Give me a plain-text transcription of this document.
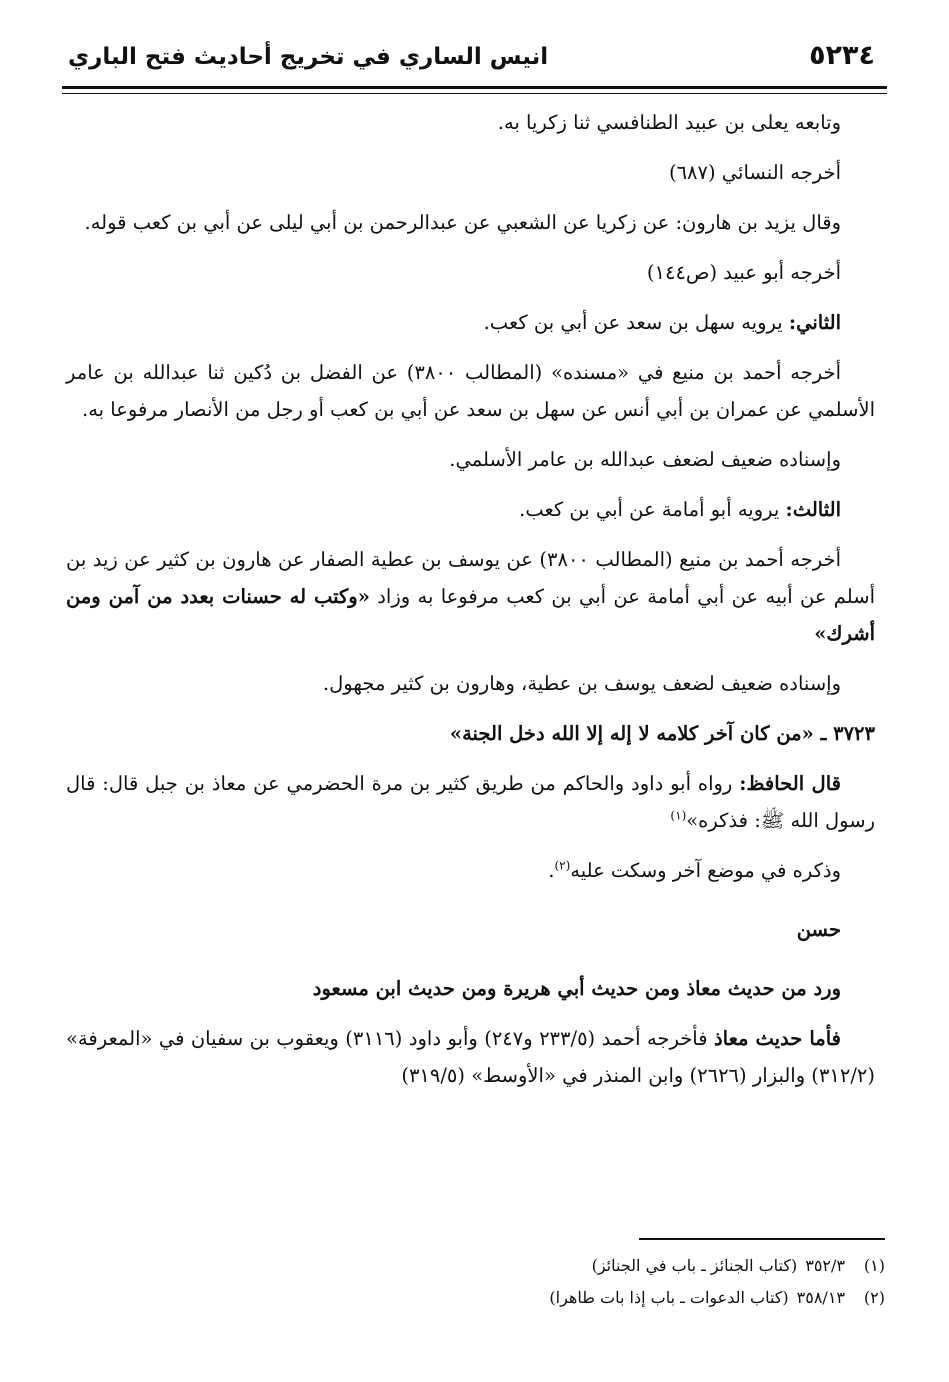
٥٢٣٤
انيس الساري في تخريج أحاديث فتح الباري

وتابعه يعلى بن عبيد الطنافسي ثنا زكريا به.

أخرجه النسائي (٦٨٧)

وقال يزيد بن هارون: عن زكريا عن الشعبي عن عبدالرحمن بن أبي ليلى عن أبي بن كعب قوله.

أخرجه أبو عبيد (ص١٤٤)

الثاني: يرويه سهل بن سعد عن أبي بن كعب.

أخرجه أحمد بن منيع في «مسنده» (المطالب ٣٨٠٠) عن الفضل بن دُكين ثنا عبدالله بن عامر الأسلمي عن عمران بن أبي أنس عن سهل بن سعد عن أبي بن كعب أو رجل من الأنصار مرفوعا به.

وإسناده ضعيف لضعف عبدالله بن عامر الأسلمي.

الثالث: يرويه أبو أمامة عن أبي بن كعب.

أخرجه أحمد بن منيع (المطالب ٣٨٠٠) عن يوسف بن عطية الصفار عن هارون بن كثير عن زيد بن أسلم عن أبيه عن أبي أمامة عن أبي بن كعب مرفوعا به وزاد «وكتب له حسنات بعدد من آمن ومن أشرك»

وإسناده ضعيف لضعف يوسف بن عطية، وهارون بن كثير مجهول.

٣٧٢٣ ـ «من كان آخر كلامه لا إله إلا الله دخل الجنة»

قال الحافظ: رواه أبو داود والحاكم من طريق كثير بن مرة الحضرمي عن معاذ بن جبل قال: قال رسول الله ﷺ: فذكره»$^{(١)}$

وذكره في موضع آخر وسكت عليه$^{(٢)}$.

حسن

ورد من حديث معاذ ومن حديث أبي هريرة ومن حديث ابن مسعود

فأما حديث معاذ فأخرجه أحمد (٢٣٣/٥ و٢٤٧) وأبو داود (٣١١٦) ويعقوب بن سفيان في «المعرفة» (٣١٢/٢) والبزار (٢٦٢٦) وابن المنذر في «الأوسط» (٣١٩/٥)

(١)٣٥٢/٣(كتاب الجنائز ـ باب في الجنائز)

(٢)٣٥٨/١٣(كتاب الدعوات ـ باب إذا بات طاهرا)
